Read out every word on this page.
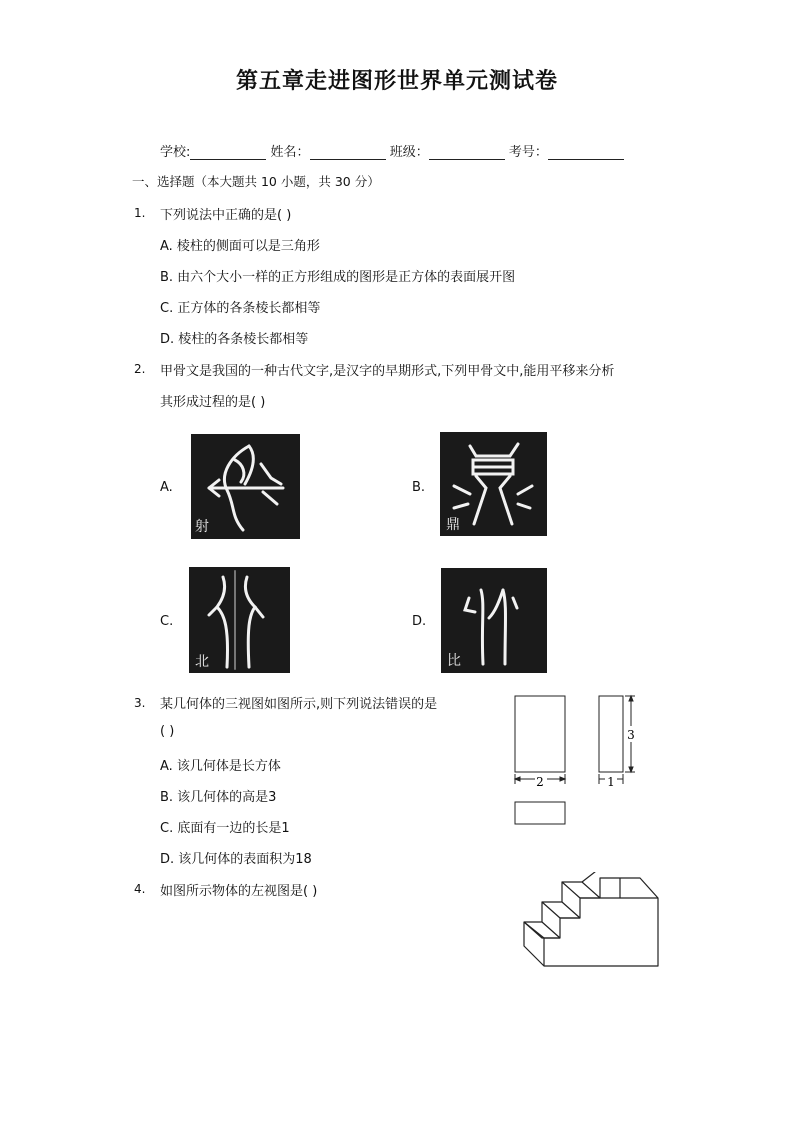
第五章走进图形世界单元测试卷
学校:	姓名：	班级：	考号：
一、选择题（本大题共 10 小题，共 30 分）
1. 下列说法中正确的是( )
A. 棱柱的侧面可以是三角形
B. 由六个大小一样的正方形组成的图形是正方体的表面展开图
C. 正方体的各条棱长都相等
D. 棱柱的各条棱长都相等
2. 甲骨文是我国的一种古代文字,是汉字的早期形式,下列甲骨文中,能用平移来分析
其形成过程的是( )
A.
射
B.
鼎
C.
北
D.
比
3. 某几何体的三视图如图所示,则下列说法错误的是
( )
A. 该几何体是长方体
B. 该几何体的高是3
C. 底面有一边的长是1
D. 该几何体的表面积为18
2	1
3
4. 如图所示物体的左视图是( )
